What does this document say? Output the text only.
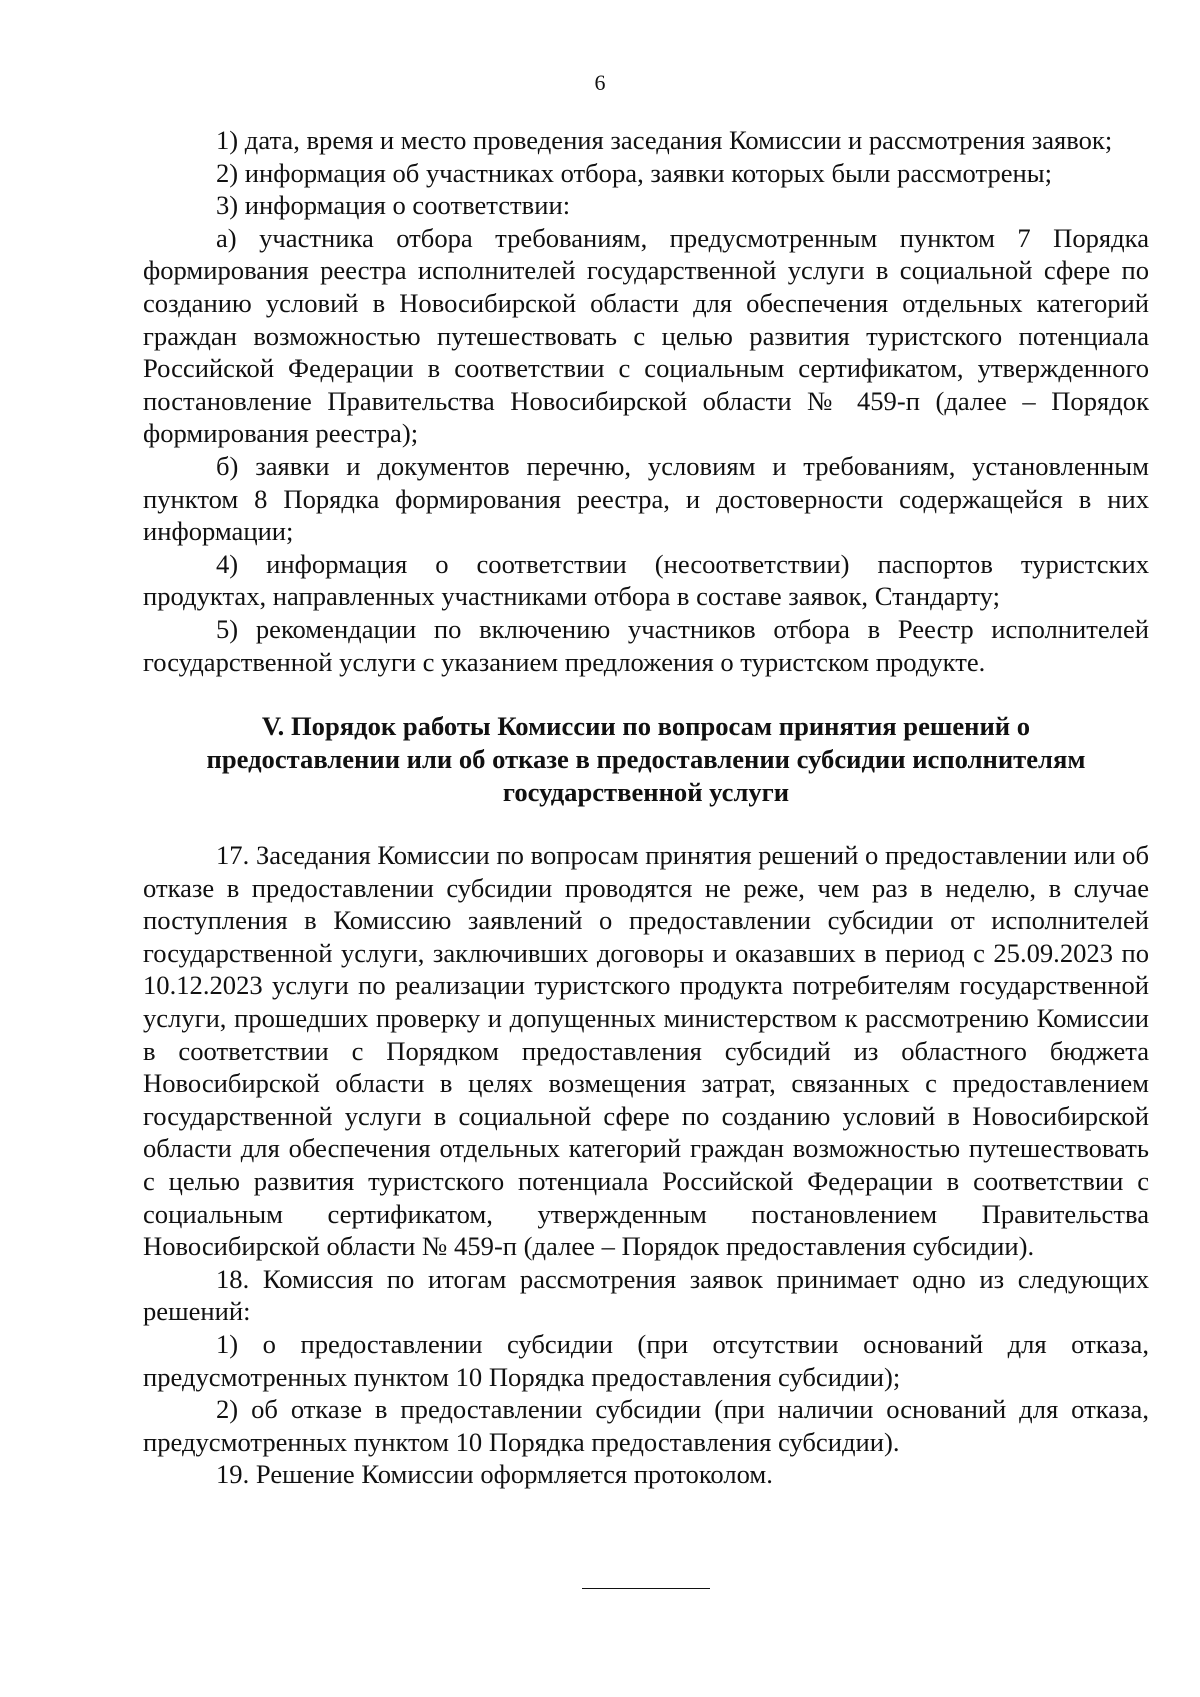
6

1) дата, время и место проведения заседания Комиссии и рассмотрения заявок;

2) информация об участниках отбора, заявки которых были рассмотрены;

3) информация о соответствии:

а) участника отбора требованиям, предусмотренным пунктом 7 Порядка формирования реестра исполнителей государственной услуги в социальной сфере по созданию условий в Новосибирской области для обеспечения отдельных категорий граждан возможностью путешествовать с целью развития туристского потенциала Российской Федерации в соответствии с социальным сертификатом, утвержденного постановление Правительства Новосибирской области № 459-п (далее – Порядок формирования реестра);

б) заявки и документов перечню, условиям и требованиям, установленным пунктом 8 Порядка формирования реестра, и достоверности содержащейся в них информации;

4) информация о соответствии (несоответствии) паспортов туристских продуктах, направленных участниками отбора в составе заявок, Стандарту;

5) рекомендации по включению участников отбора в Реестр исполнителей государственной услуги с указанием предложения о туристском продукте.

V. Порядок работы Комиссии по вопросам принятия решений о
предоставлении или об отказе в предоставлении субсидии исполнителям
государственной услуги

17. Заседания Комиссии по вопросам принятия решений о предоставлении или об отказе в предоставлении субсидии проводятся не реже, чем раз в неделю, в случае поступления в Комиссию заявлений о предоставлении субсидии от исполнителей государственной услуги, заключивших договоры и оказавших в период с 25.09.2023 по 10.12.2023 услуги по реализации туристского продукта потребителям государственной услуги, прошедших проверку и допущенных министерством к рассмотрению Комиссии в соответствии с Порядком предоставления субсидий из областного бюджета Новосибирской области в целях возмещения затрат, связанных с предоставлением государственной услуги в социальной сфере по созданию условий в Новосибирской области для обеспечения отдельных категорий граждан возможностью путешествовать с целью развития туристского потенциала Российской Федерации в соответствии с социальным сертификатом, утвержденным постановлением Правительства Новосибирской области № 459-п (далее – Порядок предоставления субсидии).

18. Комиссия по итогам рассмотрения заявок принимает одно из следующих решений:

1) о предоставлении субсидии (при отсутствии оснований для отказа, предусмотренных пунктом 10 Порядка предоставления субсидии);

2) об отказе в предоставлении субсидии (при наличии оснований для отказа, предусмотренных пунктом 10 Порядка предоставления субсидии).

19. Решение Комиссии оформляется протоколом.
